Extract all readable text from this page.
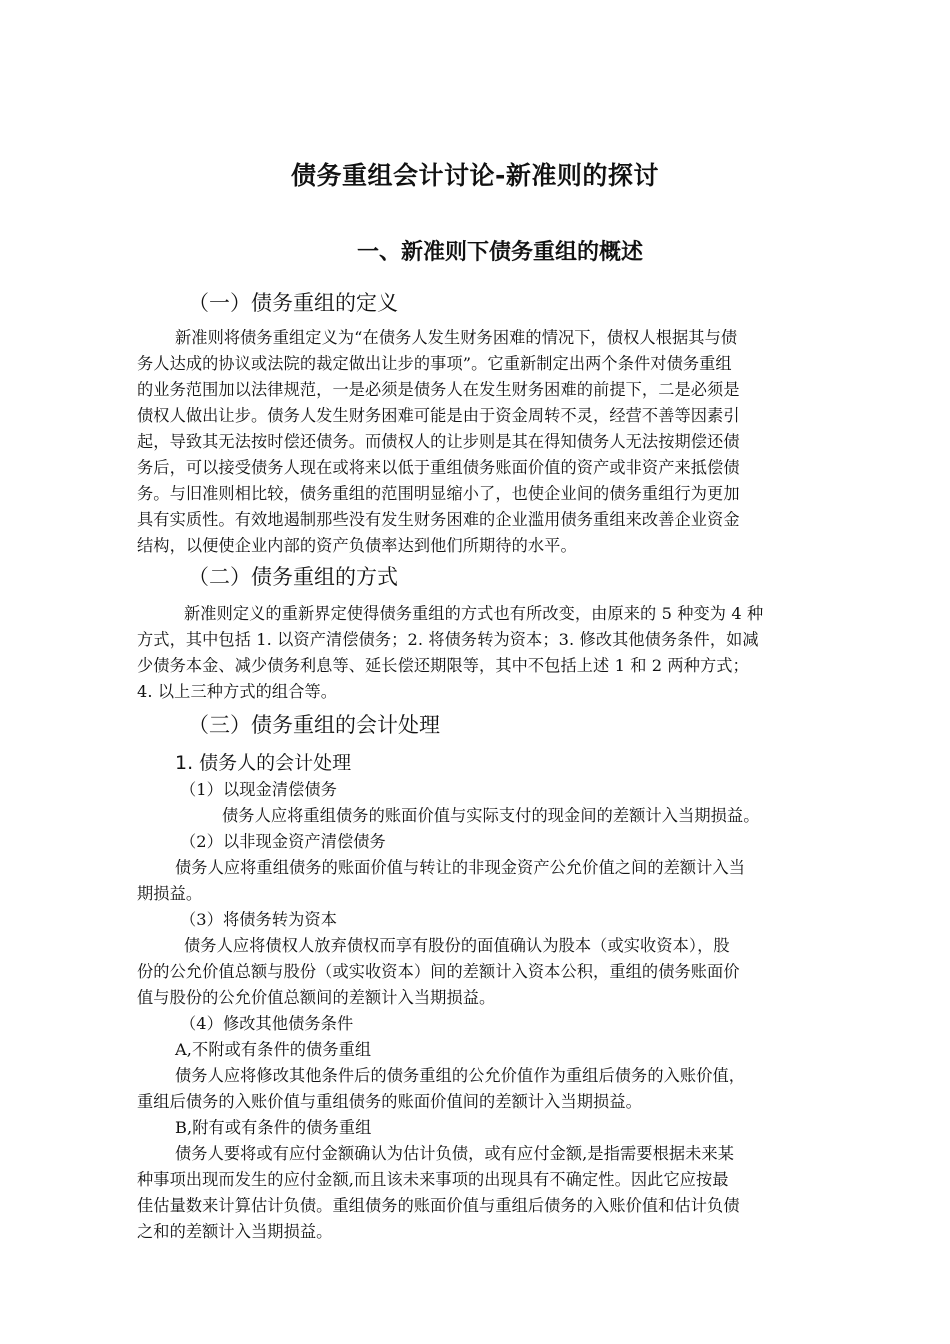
债务重组会计讨论-新准则的探讨
一、新准则下债务重组的概述
（一）债务重组的定义
新准则将债务重组定义为“在债务人发生财务困难的情况下，债权人根据其与债
务人达成的协议或法院的裁定做出让步的事项”。它重新制定出两个条件对债务重组
的业务范围加以法律规范，一是必须是债务人在发生财务困难的前提下，二是必须是
债权人做出让步。债务人发生财务困难可能是由于资金周转不灵，经营不善等因素引
起，导致其无法按时偿还债务。而债权人的让步则是其在得知债务人无法按期偿还债
务后，可以接受债务人现在或将来以低于重组债务账面价值的资产或非资产来抵偿债
务。与旧准则相比较，债务重组的范围明显缩小了，也使企业间的债务重组行为更加
具有实质性。有效地遏制那些没有发生财务困难的企业滥用债务重组来改善企业资金
结构，以便使企业内部的资产负债率达到他们所期待的水平。
（二）债务重组的方式
新准则定义的重新界定使得债务重组的方式也有所改变，由原来的 5 种变为 4 种
方式，其中包括 1. 以资产清偿债务；2. 将债务转为资本；3. 修改其他债务条件，如减
少债务本金、减少债务利息等、延长偿还期限等，其中不包括上述 1 和 2 两种方式；
4. 以上三种方式的组合等。
（三）债务重组的会计处理
1. 债务人的会计处理
（1）以现金清偿债务
债务人应将重组债务的账面价值与实际支付的现金间的差额计入当期损益。
（2）以非现金资产清偿债务
债务人应将重组债务的账面价值与转让的非现金资产公允价值之间的差额计入当
期损益。
（3）将债务转为资本
债务人应将债权人放弃债权而享有股份的面值确认为股本（或实收资本），股
份的公允价值总额与股份（或实收资本）间的差额计入资本公积，重组的债务账面价
值与股份的公允价值总额间的差额计入当期损益。
（4）修改其他债务条件
A,不附或有条件的债务重组
债务人应将修改其他条件后的债务重组的公允价值作为重组后债务的入账价值，
重组后债务的入账价值与重组债务的账面价值间的差额计入当期损益。
B,附有或有条件的债务重组
债务人要将或有应付金额确认为估计负债，或有应付金额,是指需要根据未来某
种事项出现而发生的应付金额,而且该未来事项的出现具有不确定性。因此它应按最
佳估量数来计算估计负债。重组债务的账面价值与重组后债务的入账价值和估计负债
之和的差额计入当期损益。
